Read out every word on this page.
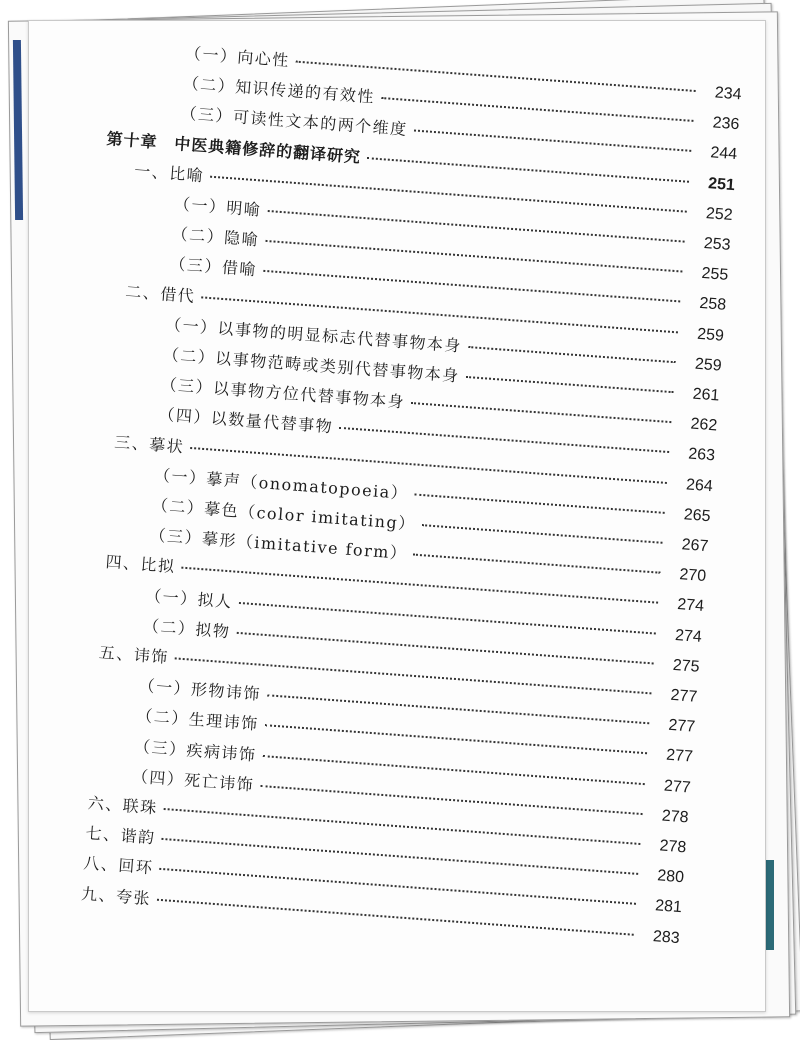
（一）向心性
234
（二）知识传递的有效性
236
（三）可读性文本的两个维度
244
第十章　中医典籍修辞的翻译研究
251
一、比喻
252
（一）明喻
253
（二）隐喻
255
（三）借喻
258
二、借代
259
（一）以事物的明显标志代替事物本身
259
（二）以事物范畴或类别代替事物本身
261
（三）以事物方位代替事物本身
262
（四）以数量代替事物
263
三、摹状
264
（一）摹声（onomatopoeia）
265
（二）摹色（color imitating）
267
（三）摹形（imitative form）
270
四、比拟
274
（一）拟人
274
（二）拟物
275
五、讳饰
277
（一）形物讳饰
277
（二）生理讳饰
277
（三）疾病讳饰
277
（四）死亡讳饰
278
六、联珠
278
七、谐韵
280
八、回环
281
九、夸张
283
